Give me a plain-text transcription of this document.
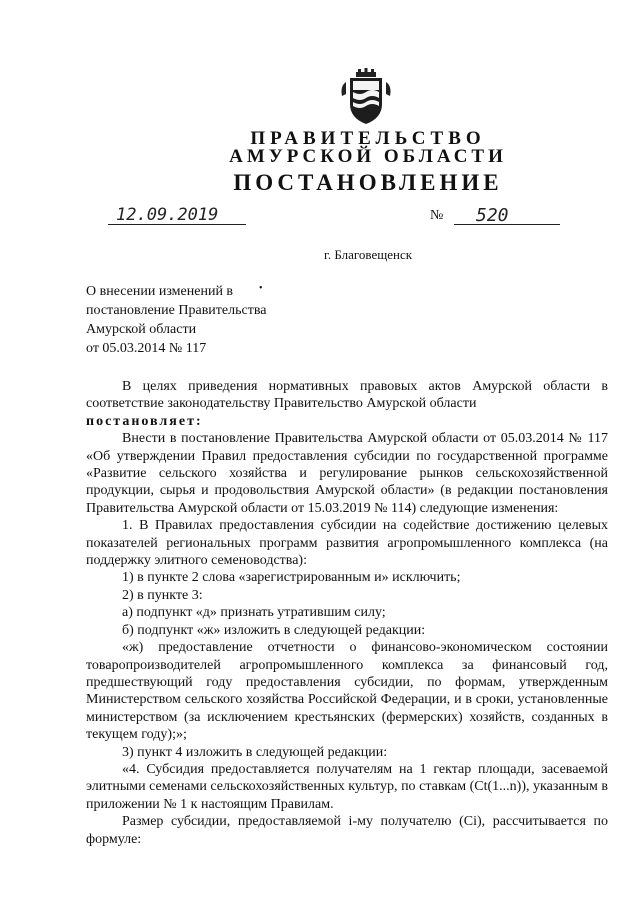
ПРАВИТЕЛЬСТВО
АМУРСКОЙ ОБЛАСТИ
ПОСТАНОВЛЕНИЕ
12.09.2019	№	520
г. Благовещенск
О внесении изменений в
постановление Правительства
Амурской области
от 05.03.2014 № 117
•

В целях приведения нормативных правовых актов Амурской области в соответствие законодательству Правительство Амурской области

постановляет:

Внести в постановление Правительства Амурской области от 05.03.2014 № 117 «Об утверждении Правил предоставления субсидии по государственной программе «Развитие сельского хозяйства и регулирование рынков сельскохозяйственной продукции, сырья и продовольствия Амурской области» (в редакции постановления Правительства Амурской области от 15.03.2019 № 114) следующие изменения:

1. В Правилах предоставления субсидии на содействие достижению целевых показателей региональных программ развития агропромышленного комплекса (на поддержку элитного семеноводства):

1) в пункте 2 слова «зарегистрированным и» исключить;

2) в пункте 3:

а) подпункт «д» признать утратившим силу;

б) подпункт «ж» изложить в следующей редакции:

«ж) предоставление отчетности о финансово-экономическом состоянии товаропроизводителей агропромышленного комплекса за финансовый год, предшествующий году предоставления субсидии, по формам, утвержденным Министерством сельского хозяйства Российской Федерации, и в сроки, установленные министерством (за исключением крестьянских (фермерских) хозяйств, созданных в текущем году);»;

3) пункт 4 изложить в следующей редакции:

«4. Субсидия предоставляется получателям на 1 гектар площади, засеваемой элитными семенами сельскохозяйственных культур, по ставкам (Ct(1...n)), указанным в приложении № 1 к настоящим Правилам.

Размер субсидии, предоставляемой i-му получателю (Ci), рассчитывается по формуле:
